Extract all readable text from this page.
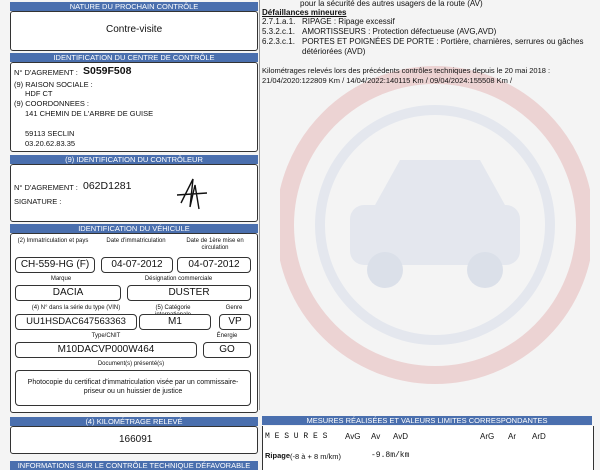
NATURE DU PROCHAIN CONTRÔLE
Contre-visite
IDENTIFICATION DU CENTRE DE CONTRÔLE
N° D'AGREMENT : S059F508
(9) RAISON SOCIALE :
HDF CT
(9) COORDONNEES :
141 CHEMIN DE L'ARBRE DE GUISE
59113 SECLIN
03.20.62.83.35
(9) IDENTIFICATION DU CONTRÔLEUR
N° D'AGREMENT : 062D1281
SIGNATURE :
IDENTIFICATION DU VÉHICULE
(2) Immatriculation et pays	Date d'immatriculation	Date de 1ère mise en circulation
CH-559-HG (F)	04-07-2012	04-07-2012
Marque	Désignation commerciale
DACIA	DUSTER
(4) N° dans la série du type (VIN)	(5) Catégorie	Genre
UU1HSDAC647563363	M1	VP
Type/CNIT	Énergie
M10DACVP000W464	GO
Document(s) présenté(s)
Photocopie du certificat d'immatriculation visée par un commissaire-priseur ou un huissier de justice
(4) KILOMÉTRAGE RELEVÉ
166091
INFORMATIONS SUR LE CONTRÔLE TECHNIQUE DÉFAVORABLE
pour la sécurité des autres usagers de la route (AV)
Défaillances mineures
2.7.1.a.1. RIPAGE : Ripage excessif
5.3.2.c.1. AMORTISSEURS : Protection défectueuse (AVG,AVD)
6.2.3.c.1. PORTES ET POIGNÉES DE PORTE : Portière, charnières, serrures ou gâches détériorées (AVD)
Kilométrages relevés lors des précédents contrôles techniques depuis le 20 mai 2018 : 21/04/2020:122809 Km / 14/04/2022:140115 Km / 09/04/2024:155508 Km /
MESURES RÉALISÉES ET VALEURS LIMITES CORRESPONDANTES
M E S U R E S AvG Av AvD	ArG Ar ArD
Ripage (-8 à + 8 m/km)	-9.8m/km
